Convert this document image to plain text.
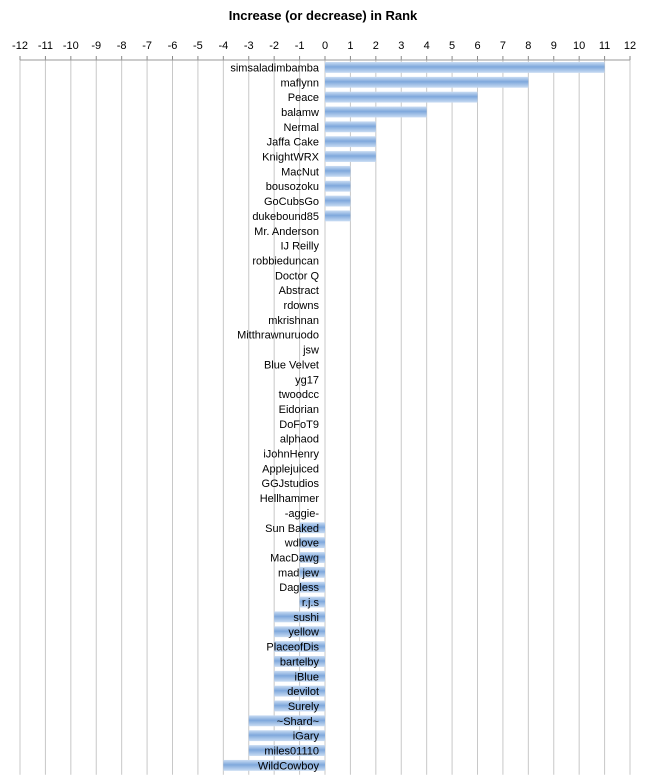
Increase (or decrease) in Rank
-12 -11 -10 -9 -8 -7 -6 -5 -4 -3 -2 -1 0 1 2 3 4 5 6 7 8 9 10 11 12
simsaladimbamba
maflynn
Peace
balamw
Nermal
Jaffa Cake
KnightWRX
MacNut
bousozoku
GoCubsGo
dukebound85
Mr. Anderson
IJ Reilly
robbieduncan
Doctor Q
Abstract
rdowns
mkrishnan
Mitthrawnuruodo
jsw
Blue Velvet
yg17
twoodcc
Eidorian
DoFoT9
alphaod
iJohnHenry
Applejuiced
GGJstudios
Hellhammer
-aggie-
Sun Baked
wdlove
MacDawg
mad jew
Dagless
r.j.s
sushi
yellow
PlaceofDis
bartelby
iBlue
devilot
Surely
~Shard~
iGary
miles01110
WildCowboy
